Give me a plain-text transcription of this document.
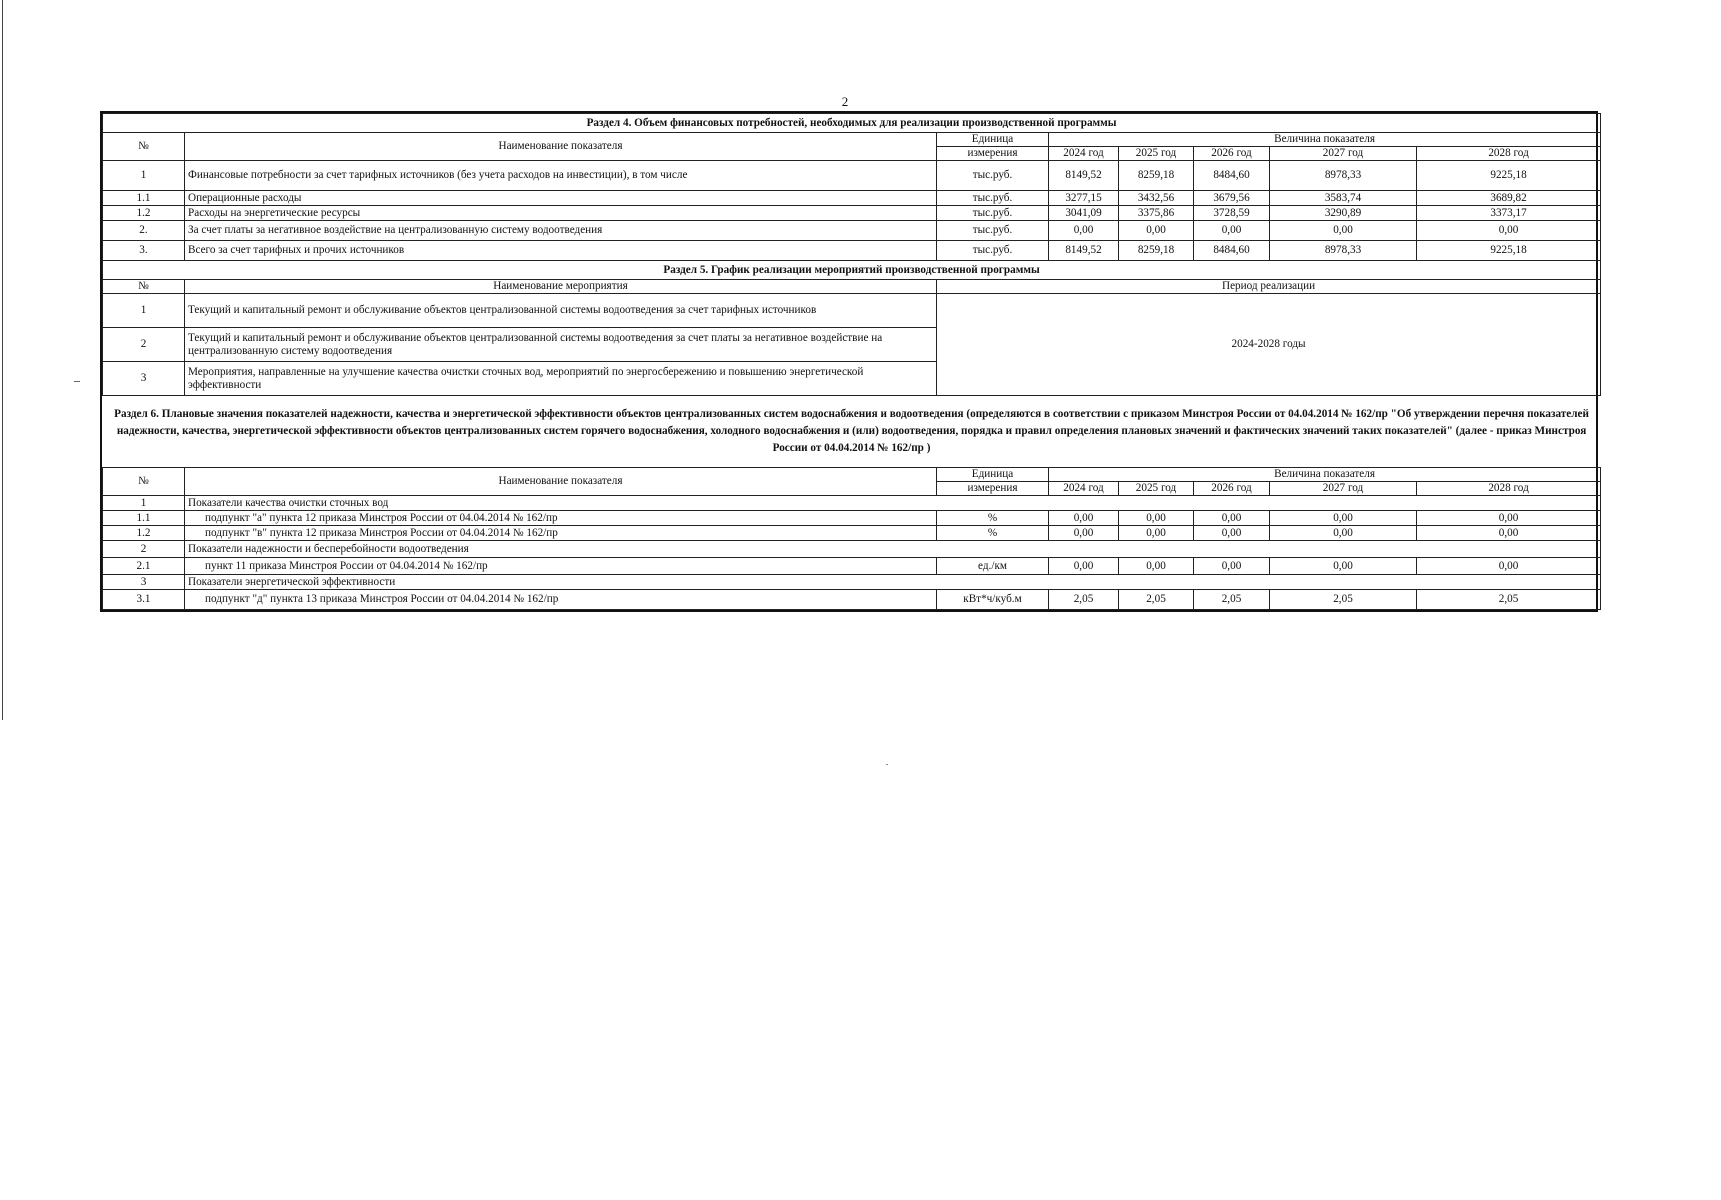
2
Раздел 4. Объем финансовых потребностей, необходимых для реализации производственной программы							
№	Наименование показателя	Единица	Величина показателя				
		измерения	2024 год	2025 год	2026 год	2027 год	2028 год
1	Финансовые потребности за счет тарифных источников (без учета расходов на инвестиции), в том числе	тыс.руб.	8149,52	8259,18	8484,60	8978,33	9225,18
1.1	Операционные расходы	тыс.руб.	3277,15	3432,56	3679,56	3583,74	3689,82
1.2	Расходы на энергетические ресурсы	тыс.руб.	3041,09	3375,86	3728,59	3290,89	3373,17
2.	За счет платы за негативное воздействие на централизованную систему водоотведения	тыс.руб.	0,00	0,00	0,00	0,00	0,00
3.	Всего за счет тарифных и прочих источников	тыс.руб.	8149,52	8259,18	8484,60	8978,33	9225,18
Раздел 5. График реализации мероприятий производственной программы							
№	Наименование мероприятия	Период реализации					
1	Текущий и капитальный ремонт и обслуживание объектов централизованной системы водоотведения за счет тарифных источников	2024-2028 годы					
2	Текущий и капитальный ремонт и обслуживание объектов централизованной системы водоотведения за счет платы за негативное воздействие на централизованную систему водоотведения						
3	Мероприятия, направленные на улучшение качества очистки сточных вод, мероприятий по энергосбережению и повышению энергетической эффективности						
Раздел 6. Плановые значения показателей надежности, качества и энергетической эффективности объектов централизованных систем водоснабжения и водоотведения (определяются в соответствии с приказом Минстроя России от 04.04.2014 № 162/пр "Об утверждении перечня показателей надежности, качества, энергетической эффективности объектов централизованных систем горячего водоснабжения, холодного водоснабжения и (или) водоотведения, порядка и правил определения плановых значений и фактических значений таких показателей" (далее - приказ Минстроя России от 04.04.2014 № 162/пр )							
№	Наименование показателя	Единица	Величина показателя				
		измерения	2024 год	2025 год	2026 год	2027 год	2028 год
1	Показатели качества очистки сточных вод						
1.1	подпункт "а" пункта 12 приказа Минстроя России от 04.04.2014 № 162/пр	%	0,00	0,00	0,00	0,00	0,00
1.2	подпункт "в" пункта 12 приказа Минстроя России от 04.04.2014 № 162/пр	%	0,00	0,00	0,00	0,00	0,00
2	Показатели надежности и бесперебойности водоотведения						
2.1	пункт 11 приказа Минстроя России от 04.04.2014 № 162/пр	ед./км	0,00	0,00	0,00	0,00	0,00
3	Показатели энергетической эффективности						
3.1	подпункт "д" пункта 13 приказа Минстроя России от 04.04.2014 № 162/пр	кВт*ч/куб.м	2,05	2,05	2,05	2,05	2,05
